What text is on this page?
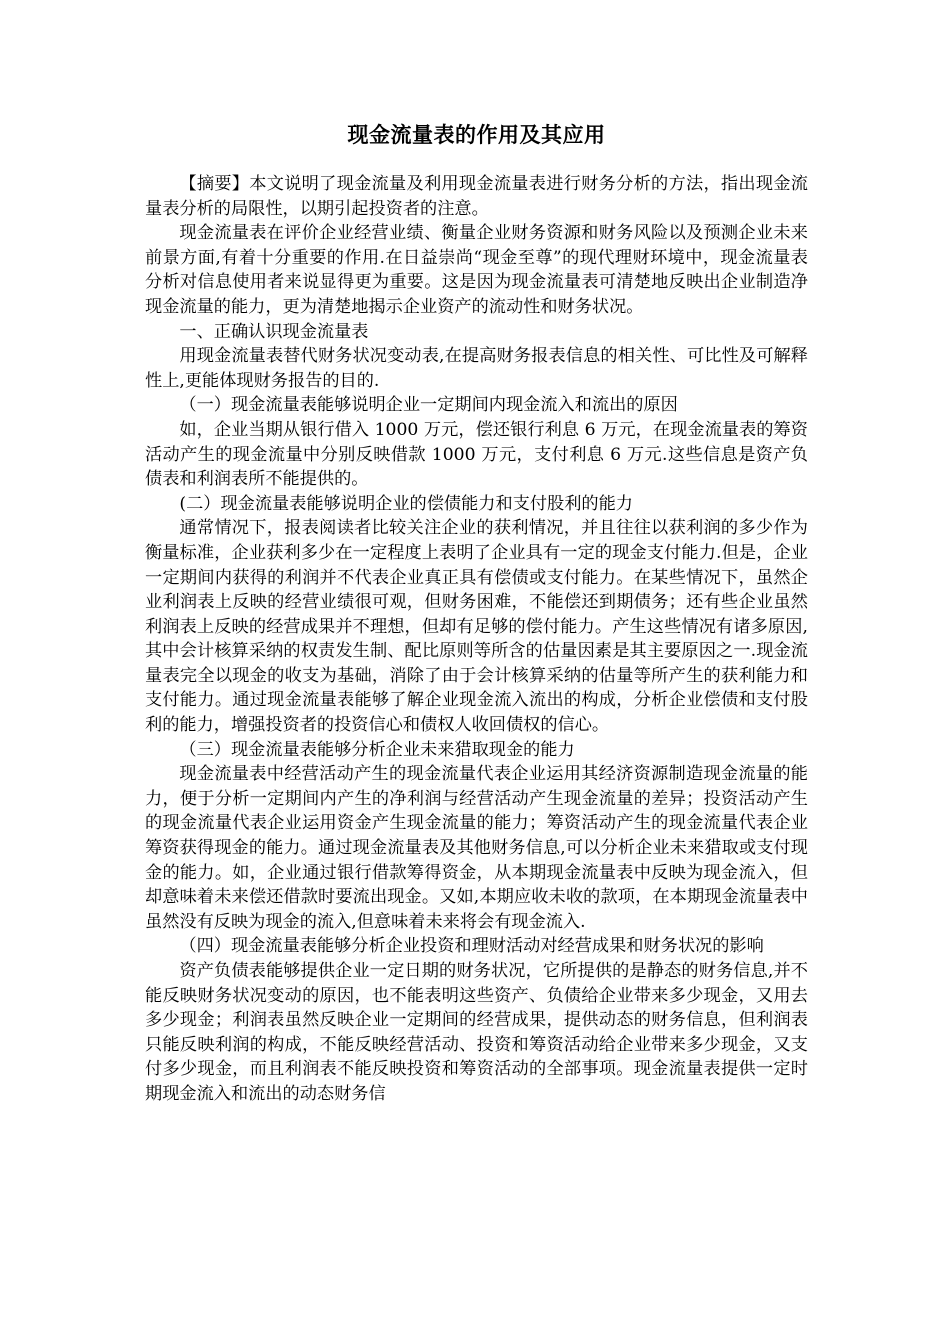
现金流量表的作用及其应用

【摘要】本文说明了现金流量及利用现金流量表进行财务分析的方法，指出现金流量表分析的局限性，以期引起投资者的注意。

现金流量表在评价企业经营业绩、衡量企业财务资源和财务风险以及预测企业未来前景方面,有着十分重要的作用.在日益崇尚“现金至尊”的现代理财环境中，现金流量表分析对信息使用者来说显得更为重要。这是因为现金流量表可清楚地反映出企业制造净现金流量的能力，更为清楚地揭示企业资产的流动性和财务状况。

一、正确认识现金流量表

用现金流量表替代财务状况变动表,在提高财务报表信息的相关性、可比性及可解释性上,更能体现财务报告的目的.

（一）现金流量表能够说明企业一定期间内现金流入和流出的原因

如，企业当期从银行借入 1000 万元，偿还银行利息 6 万元，在现金流量表的筹资活动产生的现金流量中分别反映借款 1000 万元，支付利息 6 万元.这些信息是资产负债表和利润表所不能提供的。

(二）现金流量表能够说明企业的偿债能力和支付股利的能力

通常情况下，报表阅读者比较关注企业的获利情况，并且往往以获利润的多少作为衡量标准，企业获利多少在一定程度上表明了企业具有一定的现金支付能力.但是，企业一定期间内获得的利润并不代表企业真正具有偿债或支付能力。在某些情况下，虽然企业利润表上反映的经营业绩很可观，但财务困难，不能偿还到期债务；还有些企业虽然利润表上反映的经营成果并不理想，但却有足够的偿付能力。产生这些情况有诸多原因,其中会计核算采纳的权责发生制、配比原则等所含的估量因素是其主要原因之一.现金流量表完全以现金的收支为基础，消除了由于会计核算采纳的估量等所产生的获利能力和支付能力。通过现金流量表能够了解企业现金流入流出的构成，分析企业偿债和支付股利的能力，增强投资者的投资信心和债权人收回债权的信心。

（三）现金流量表能够分析企业未来猎取现金的能力

现金流量表中经营活动产生的现金流量代表企业运用其经济资源制造现金流量的能力，便于分析一定期间内产生的净利润与经营活动产生现金流量的差异；投资活动产生的现金流量代表企业运用资金产生现金流量的能力；筹资活动产生的现金流量代表企业筹资获得现金的能力。通过现金流量表及其他财务信息,可以分析企业未来猎取或支付现金的能力。如，企业通过银行借款筹得资金，从本期现金流量表中反映为现金流入，但却意味着未来偿还借款时要流出现金。又如,本期应收未收的款项，在本期现金流量表中虽然没有反映为现金的流入,但意味着未来将会有现金流入.

（四）现金流量表能够分析企业投资和理财活动对经营成果和财务状况的影响

资产负债表能够提供企业一定日期的财务状况，它所提供的是静态的财务信息,并不能反映财务状况变动的原因，也不能表明这些资产、负债给企业带来多少现金，又用去多少现金；利润表虽然反映企业一定期间的经营成果，提供动态的财务信息，但利润表只能反映利润的构成，不能反映经营活动、投资和筹资活动给企业带来多少现金，又支付多少现金，而且利润表不能反映投资和筹资活动的全部事项。现金流量表提供一定时期现金流入和流出的动态财务信
